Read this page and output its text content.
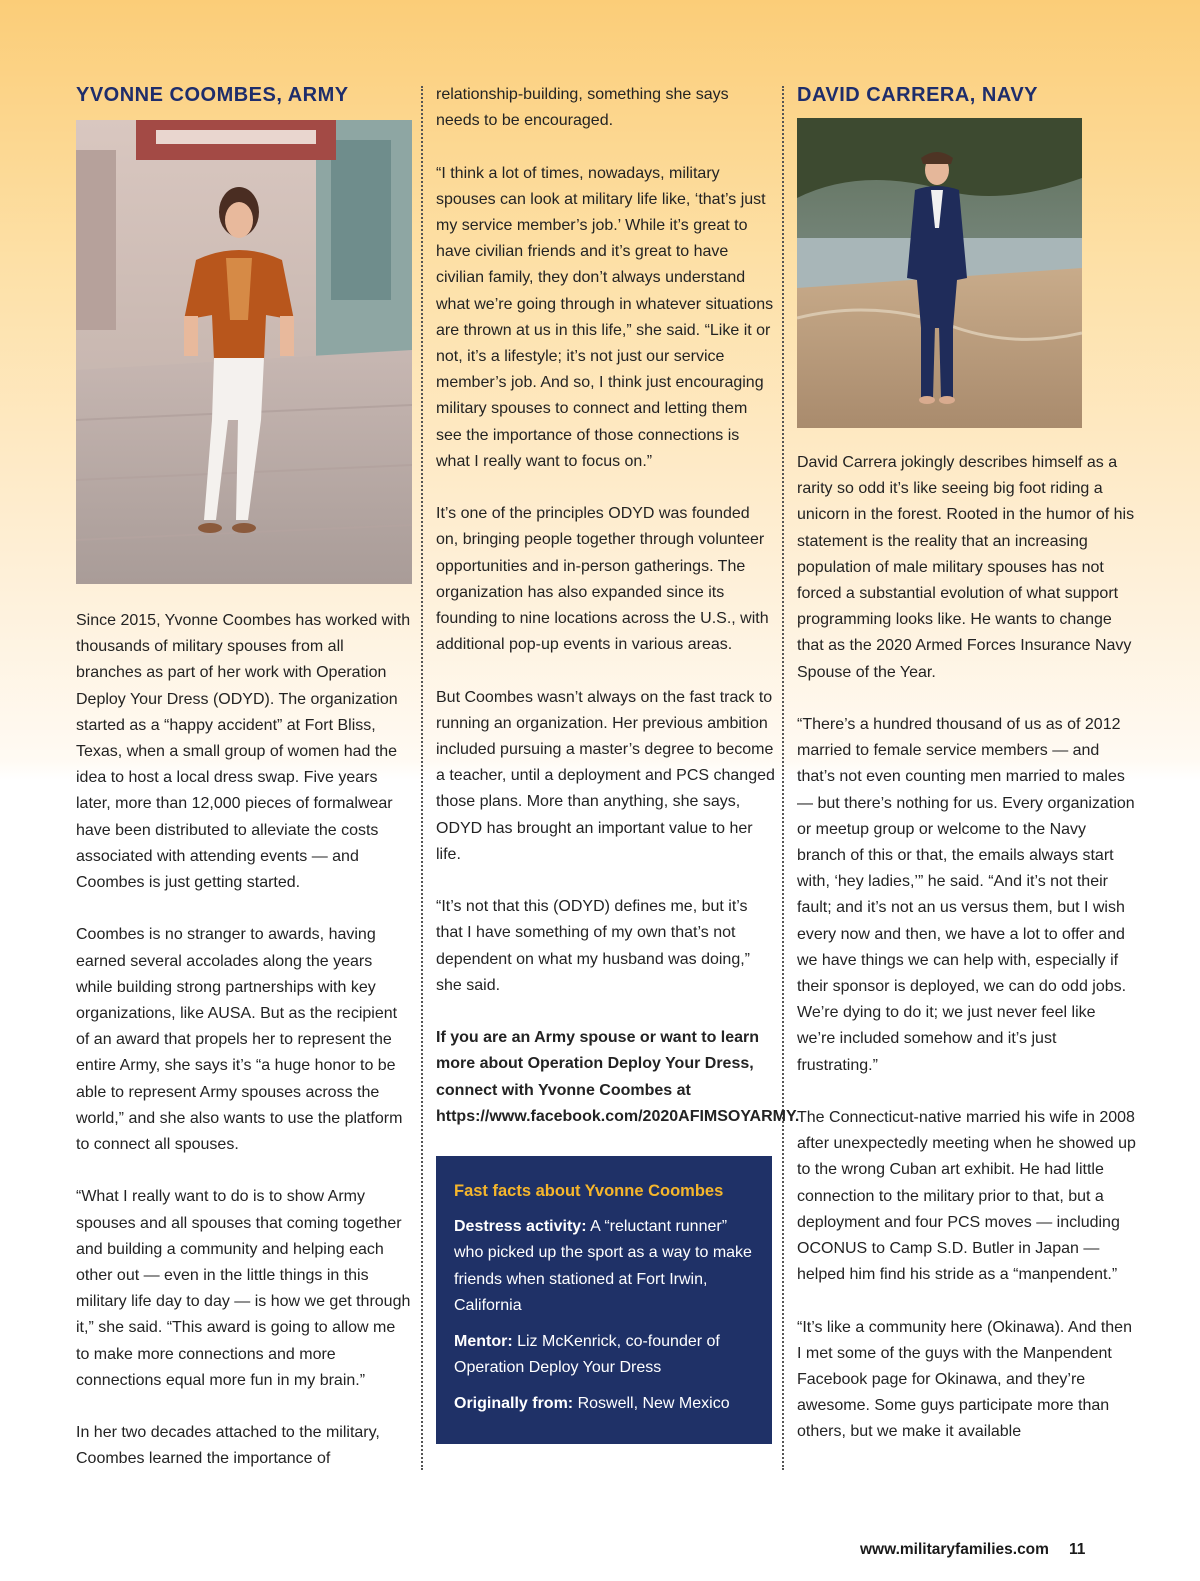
YVONNE COOMBES, ARMY

Since 2015, Yvonne Coombes has worked with thousands of military spouses from all branches as part of her work with Operation Deploy Your Dress (ODYD). The organization started as a “happy accident” at Fort Bliss, Texas, when a small group of women had the idea to host a local dress swap. Five years later, more than 12,000 pieces of formalwear have been distributed to alleviate the costs associated with attending events — and Coombes is just getting started.

Coombes is no stranger to awards, having earned several accolades along the years while building strong partnerships with key organizations, like AUSA. But as the recipient of an award that propels her to represent the entire Army, she says it’s “a huge honor to be able to represent Army spouses across the world,” and she also wants to use the platform to connect all spouses.

“What I really want to do is to show Army spouses and all spouses that coming together and building a community and helping each other out — even in the little things in this military life day to day — is how we get through it,” she said. “This award is going to allow me to make more connections and more connections equal more fun in my brain.”

In her two decades attached to the military, Coombes learned the importance of

relationship-building, something she says needs to be encouraged.

“I think a lot of times, nowadays, military spouses can look at military life like, ‘that’s just my service member’s job.’ While it’s great to have civilian friends and it’s great to have civilian family, they don’t always understand what we’re going through in whatever situations are thrown at us in this life,” she said. “Like it or not, it’s a lifestyle; it’s not just our service member’s job. And so, I think just encouraging military spouses to connect and letting them see the importance of those connections is what I really want to focus on.”

It’s one of the principles ODYD was founded on, bringing people together through volunteer opportunities and in-person gatherings. The organization has also expanded since its founding to nine locations across the U.S., with additional pop-up events in various areas.

But Coombes wasn’t always on the fast track to running an organization. Her previous ambition included pursuing a master’s degree to become a teacher, until a deployment and PCS changed those plans. More than anything, she says, ODYD has brought an important value to her life.

“It’s not that this (ODYD) defines me, but it’s that I have something of my own that’s not dependent on what my husband was doing,” she said.

If you are an Army spouse or want to learn more about Operation Deploy Your Dress, connect with Yvonne Coombes at https://www.facebook.com/2020AFIMSOYARMY.

Fast facts about Yvonne Coombes

Destress activity: A “reluctant runner” who picked up the sport as a way to make friends when stationed at Fort Irwin, California

Mentor: Liz McKenrick, co-founder of Operation Deploy Your Dress

Originally from: Roswell, New Mexico

DAVID CARRERA, NAVY

David Carrera jokingly describes himself as a rarity so odd it’s like seeing big foot riding a unicorn in the forest. Rooted in the humor of his statement is the reality that an increasing population of male military spouses has not forced a substantial evolution of what support programming looks like. He wants to change that as the 2020 Armed Forces Insurance Navy Spouse of the Year.

“There’s a hundred thousand of us as of 2012 married to female service members — and that’s not even counting men married to males — but there’s nothing for us. Every organization or meetup group or welcome to the Navy branch of this or that, the emails always start with, ‘hey ladies,’” he said. “And it’s not their fault; and it’s not an us versus them, but I wish every now and then, we have a lot to offer and we have things we can help with, especially if their sponsor is deployed, we can do odd jobs. We’re dying to do it; we just never feel like we’re included somehow and it’s just frustrating.”

The Connecticut-native married his wife in 2008 after unexpectedly meeting when he showed up to the wrong Cuban art exhibit. He had little connection to the military prior to that, but a deployment and four PCS moves — including OCONUS to Camp S.D. Butler in Japan — helped him find his stride as a “manpendent.”

“It’s like a community here (Okinawa). And then I met some of the guys with the Manpendent Facebook page for Okinawa, and they’re awesome. Some guys participate more than others, but we make it available

www.militaryfamilies.com 11
